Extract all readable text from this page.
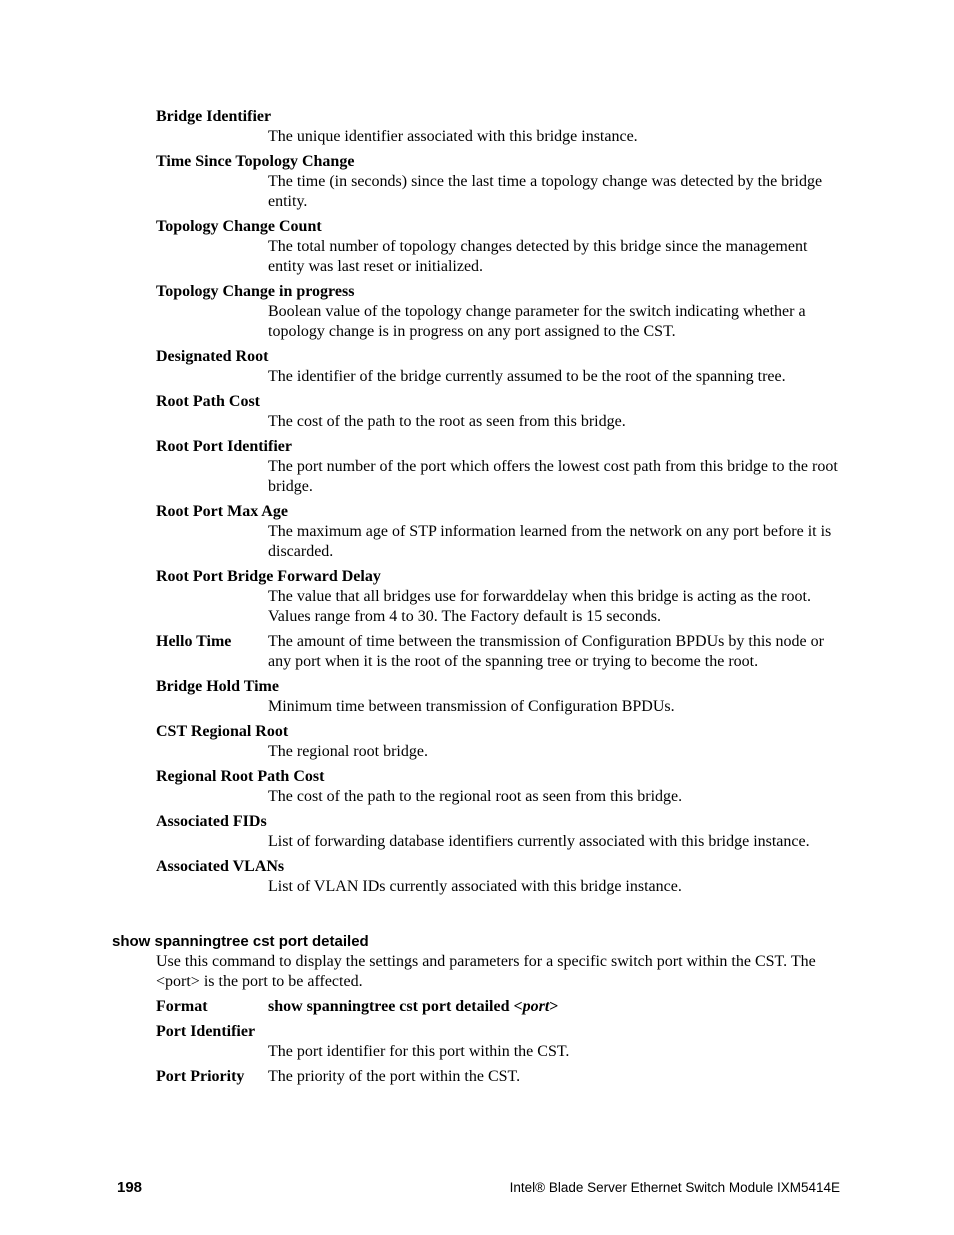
Bridge Identifier
The unique identifier associated with this bridge instance.
Time Since Topology Change
The time (in seconds) since the last time a topology change was detected by the bridge entity.
Topology Change Count
The total number of topology changes detected by this bridge since the management entity was last reset or initialized.
Topology Change in progress
Boolean value of the topology change parameter for the switch indicating whether a topology change is in progress on any port assigned to the CST.
Designated Root
The identifier of the bridge currently assumed to be the root of the spanning tree.
Root Path Cost
The cost of the path to the root as seen from this bridge.
Root Port Identifier
The port number of the port which offers the lowest cost path from this bridge to the root bridge.
Root Port Max Age
The maximum age of STP information learned from the network on any port before it is discarded.
Root Port Bridge Forward Delay
The value that all bridges use for forwarddelay when this bridge is acting as the root. Values range from 4 to 30. The Factory default is 15 seconds.
Hello Time	The amount of time between the transmission of Configuration BPDUs by this node or any port when it is the root of the spanning tree or trying to become the root.
Bridge Hold Time
Minimum time between transmission of Configuration BPDUs.
CST Regional Root
The regional root bridge.
Regional Root Path Cost
The cost of the path to the regional root as seen from this bridge.
Associated FIDs
List of forwarding database identifiers currently associated with this bridge instance.
Associated VLANs
List of VLAN IDs currently associated with this bridge instance.
show spanningtree cst port detailed
Use this command to display the settings and parameters for a specific switch port within the CST. The <port> is the port to be affected.
Format	show spanningtree cst port detailed <port>
Port Identifier
The port identifier for this port within the CST.
Port Priority	The priority of the port within the CST.
198	Intel® Blade Server Ethernet Switch Module IXM5414E
